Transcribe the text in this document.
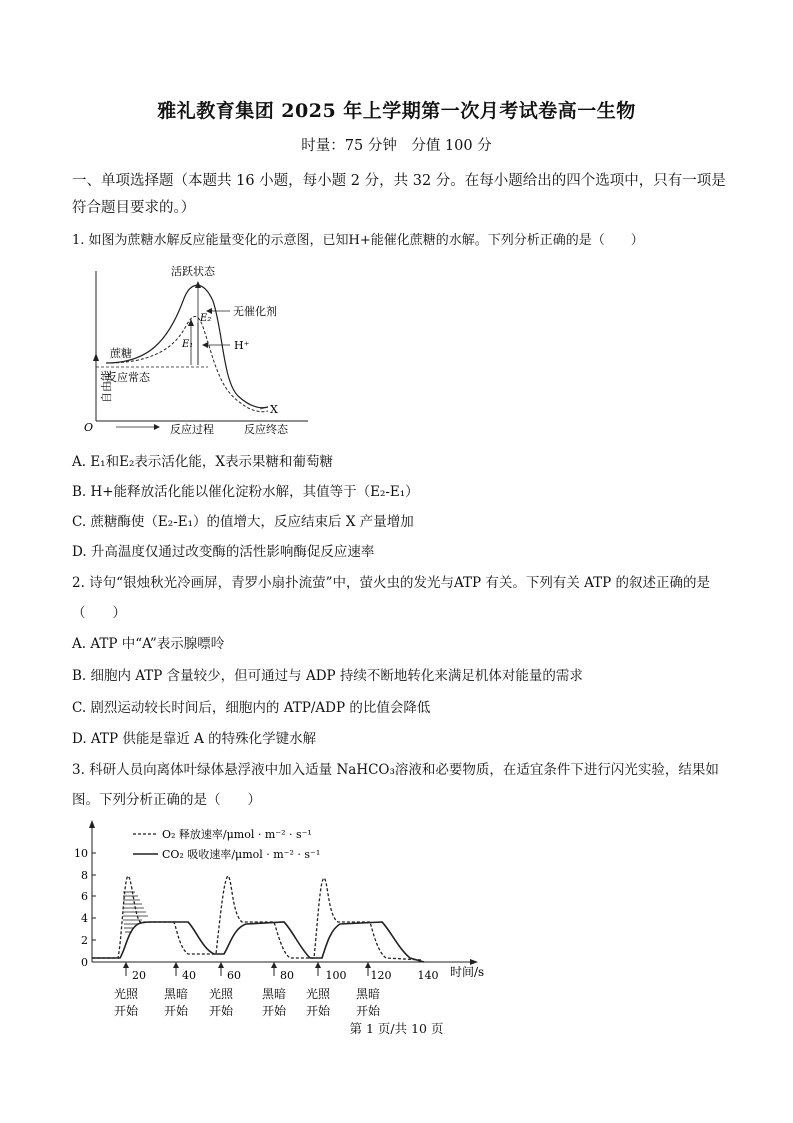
雅礼教育集团 2025 年上学期第一次月考试卷高一生物
时量：75 分钟　分值 100 分
一、单项选择题（本题共 16 小题，每小题 2 分，共 32 分。在每小题给出的四个选项中，只有一项是符合题目要求的。）
1. 如图为蔗糖水解反应能量变化的示意图，已知H+能催化蔗糖的水解。下列分析正确的是（　　）
活跃状态
无催化剂
H⁺
E₂
E₁
蔗糖
反应常态
X
O	反应过程	反应终态
自由能
A. E₁和E₂表示活化能，X表示果糖和葡萄糖
B. H+能释放活化能以催化淀粉水解，其值等于（E₂-E₁）
C. 蔗糖酶使（E₂-E₁）的值增大，反应结束后 X 产量增加
D. 升高温度仅通过改变酶的活性影响酶促反应速率
2. 诗句“银烛秋光冷画屏，青罗小扇扑流萤”中，萤火虫的发光与ATP 有关。下列有关 ATP 的叙述正确的是（　　）
A. ATP 中“A”表示腺嘌呤
B. 细胞内 ATP 含量较少，但可通过与 ADP 持续不断地转化来满足机体对能量的需求
C. 剧烈运动较长时间后，细胞内的 ATP/ADP 的比值会降低
D. ATP 供能是靠近 A 的特殊化学键水解
3. 科研人员向离体叶绿体悬浮液中加入适量 NaHCO₃溶液和必要物质，在适宜条件下进行闪光实验，结果如图。下列分析正确的是（　　）
0
2
4
6
8
10
O₂ 释放速率/μmol · m⁻² · s⁻¹
CO₂ 吸收速率/μmol · m⁻² · s⁻¹
20	40	60	80	100 120 140 时间/s
光照
开始
黑暗
开始
光照
开始
黑暗
开始
光照
开始
黑暗
开始
第 1 页/共 10 页
